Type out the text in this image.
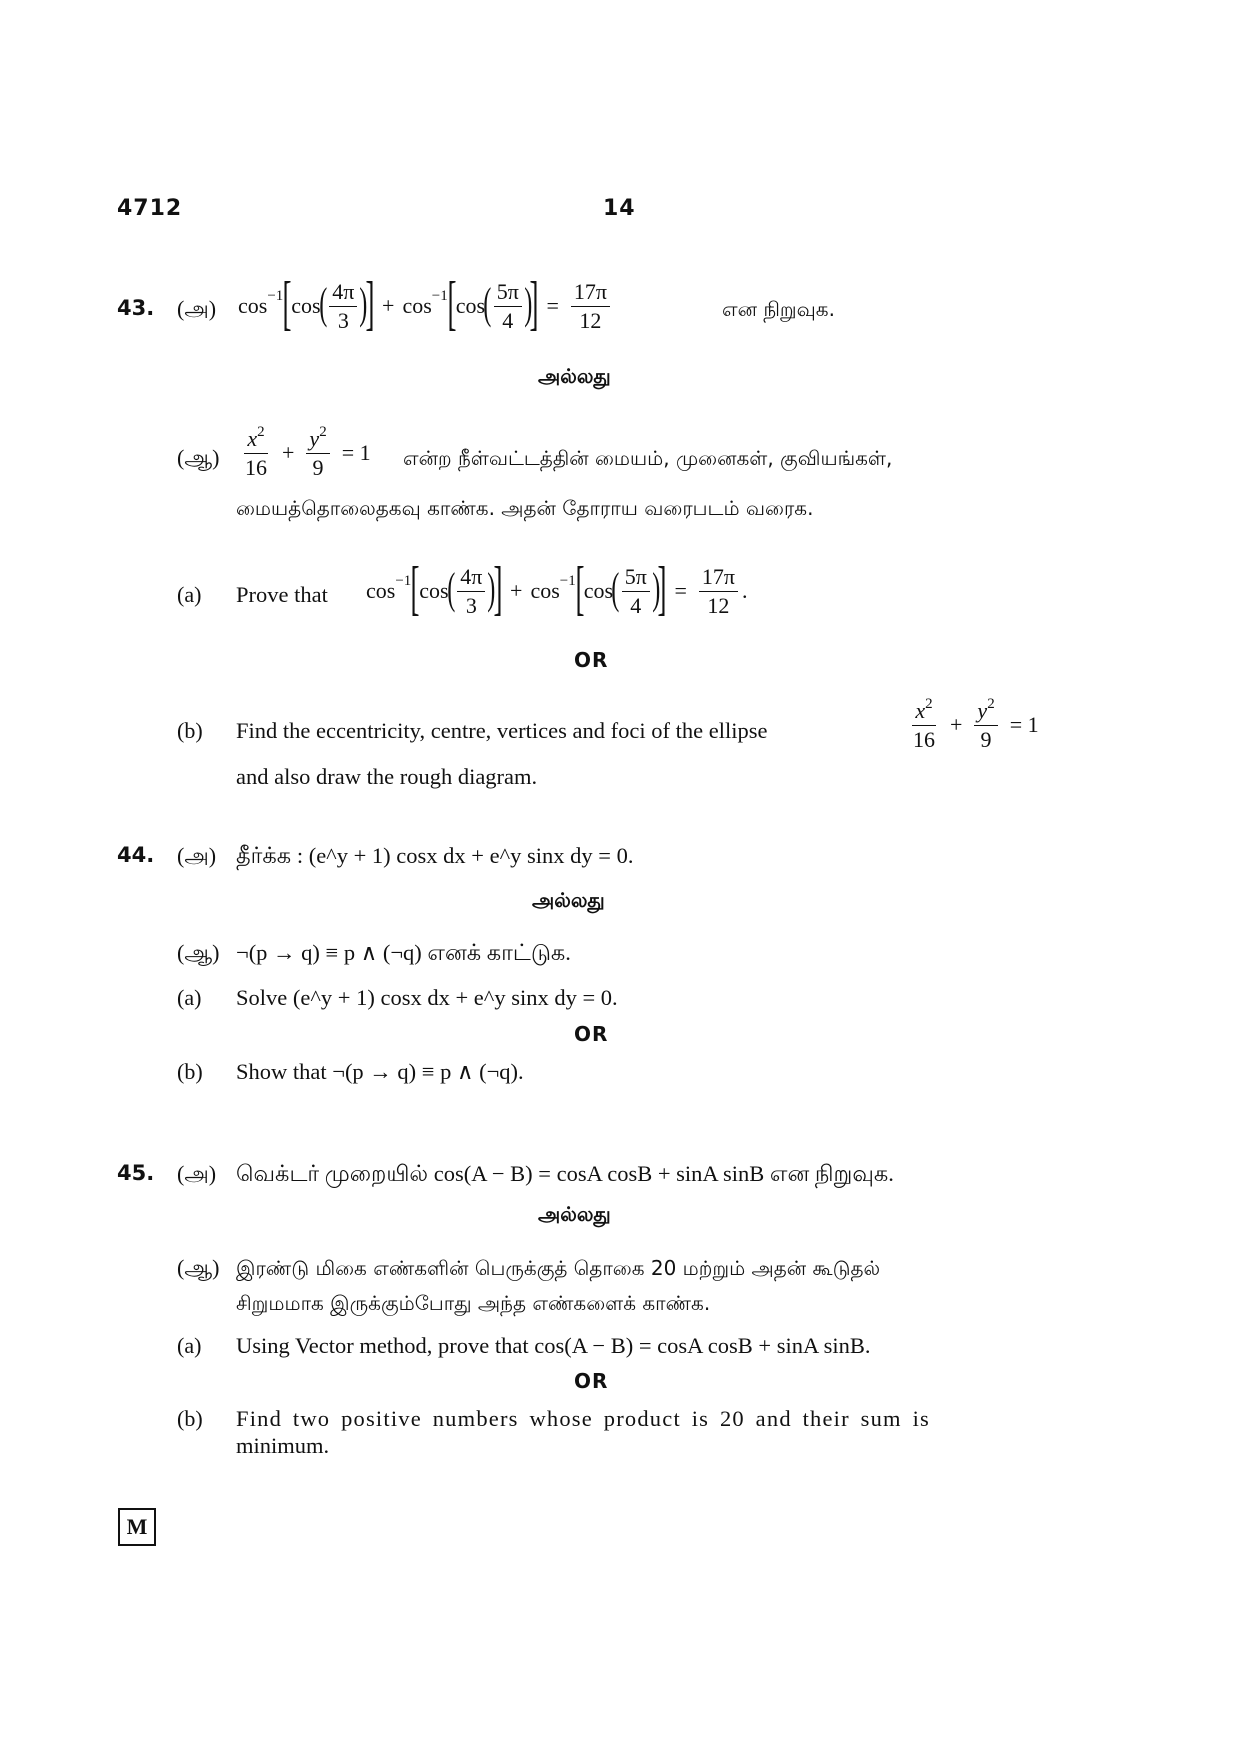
4712	14
43. (அ) cos −1 [ cos
( $\frac{4\pi}{3}$ )
] + cos −1 [ cos
( $\frac{5\pi}{4}$ )
] = $\frac{17\pi}{12}$	என நிறுவுக.
அல்லது
(ஆ) $\frac{x^2}{16} + \frac{y^2}{9} = 1$ என்ற நீள்வட்டத்தின் மையம், முனைகள், குவியங்கள்,
மையத்தொலைதகவு காண்க. அதன் தோராய வரைபடம் வரைக.
(a) Prove that cos −1 [ cos
( $\frac{4\pi}{3}$ )
] + cos −1 [ cos
( $\frac{5\pi}{4}$ )
] = $\frac{17\pi}{12}$ .
OR
(b) Find the eccentricity, centre, vertices and foci of the ellipse	$\frac{x^2}{16} + \frac{y^2}{9} = 1$
and also draw the rough diagram.
44. (அ) தீர்க்க : (e^y + 1) cosx dx + e^y sinx dy = 0.
அல்லது
(ஆ) ¬(p → q) ≡ p ∧ (¬q) எனக் காட்டுக.
(a) Solve (e^y + 1) cosx dx + e^y sinx dy = 0.
OR
(b) Show that ¬(p → q) ≡ p ∧ (¬q).
45. (அ) வெக்டர் முறையில் cos(A − B) = cosA cosB + sinA sinB என நிறுவுக.
அல்லது
(ஆ) இரண்டு மிகை எண்களின் பெருக்குத் தொகை 20 மற்றும் அதன் கூடுதல்
சிறுமமாக இருக்கும்போது அந்த எண்களைக் காண்க.
(a) Using Vector method, prove that cos(A − B) = cosA cosB + sinA sinB.
OR
(b) Find two positive numbers whose product is 20 and their sum is
minimum.
M
